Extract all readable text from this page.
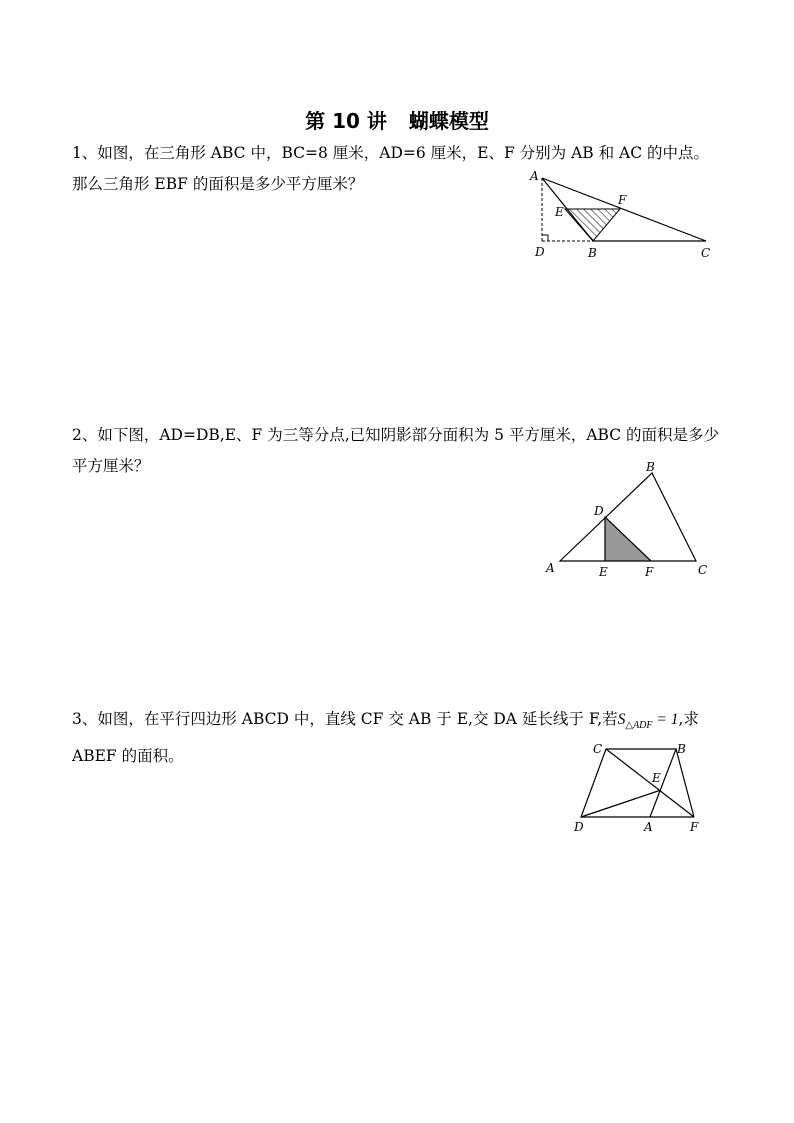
第 10 讲 蝴蝶模型
1、如图，在三角形 ABC 中，BC=8 厘米，AD=6 厘米，E、F 分别为 AB 和 AC 的中点。那么三角形 EBF 的面积是多少平方厘米？	A
E
F
D	B	C
2、如下图，AD=DB,E、F 为三等分点,已知阴影部分面积为 5 平方厘米，ABC 的面积是多少平方厘米？	B
D
A	E	F	C
3、如图，在平行四边形 ABCD 中，直线 CF 交 AB 于 E,交 DA 延长线于 F,若$S_{\triangle ADF} = 1$,求 ABEF 的面积。	C	B
E
D	A	F
